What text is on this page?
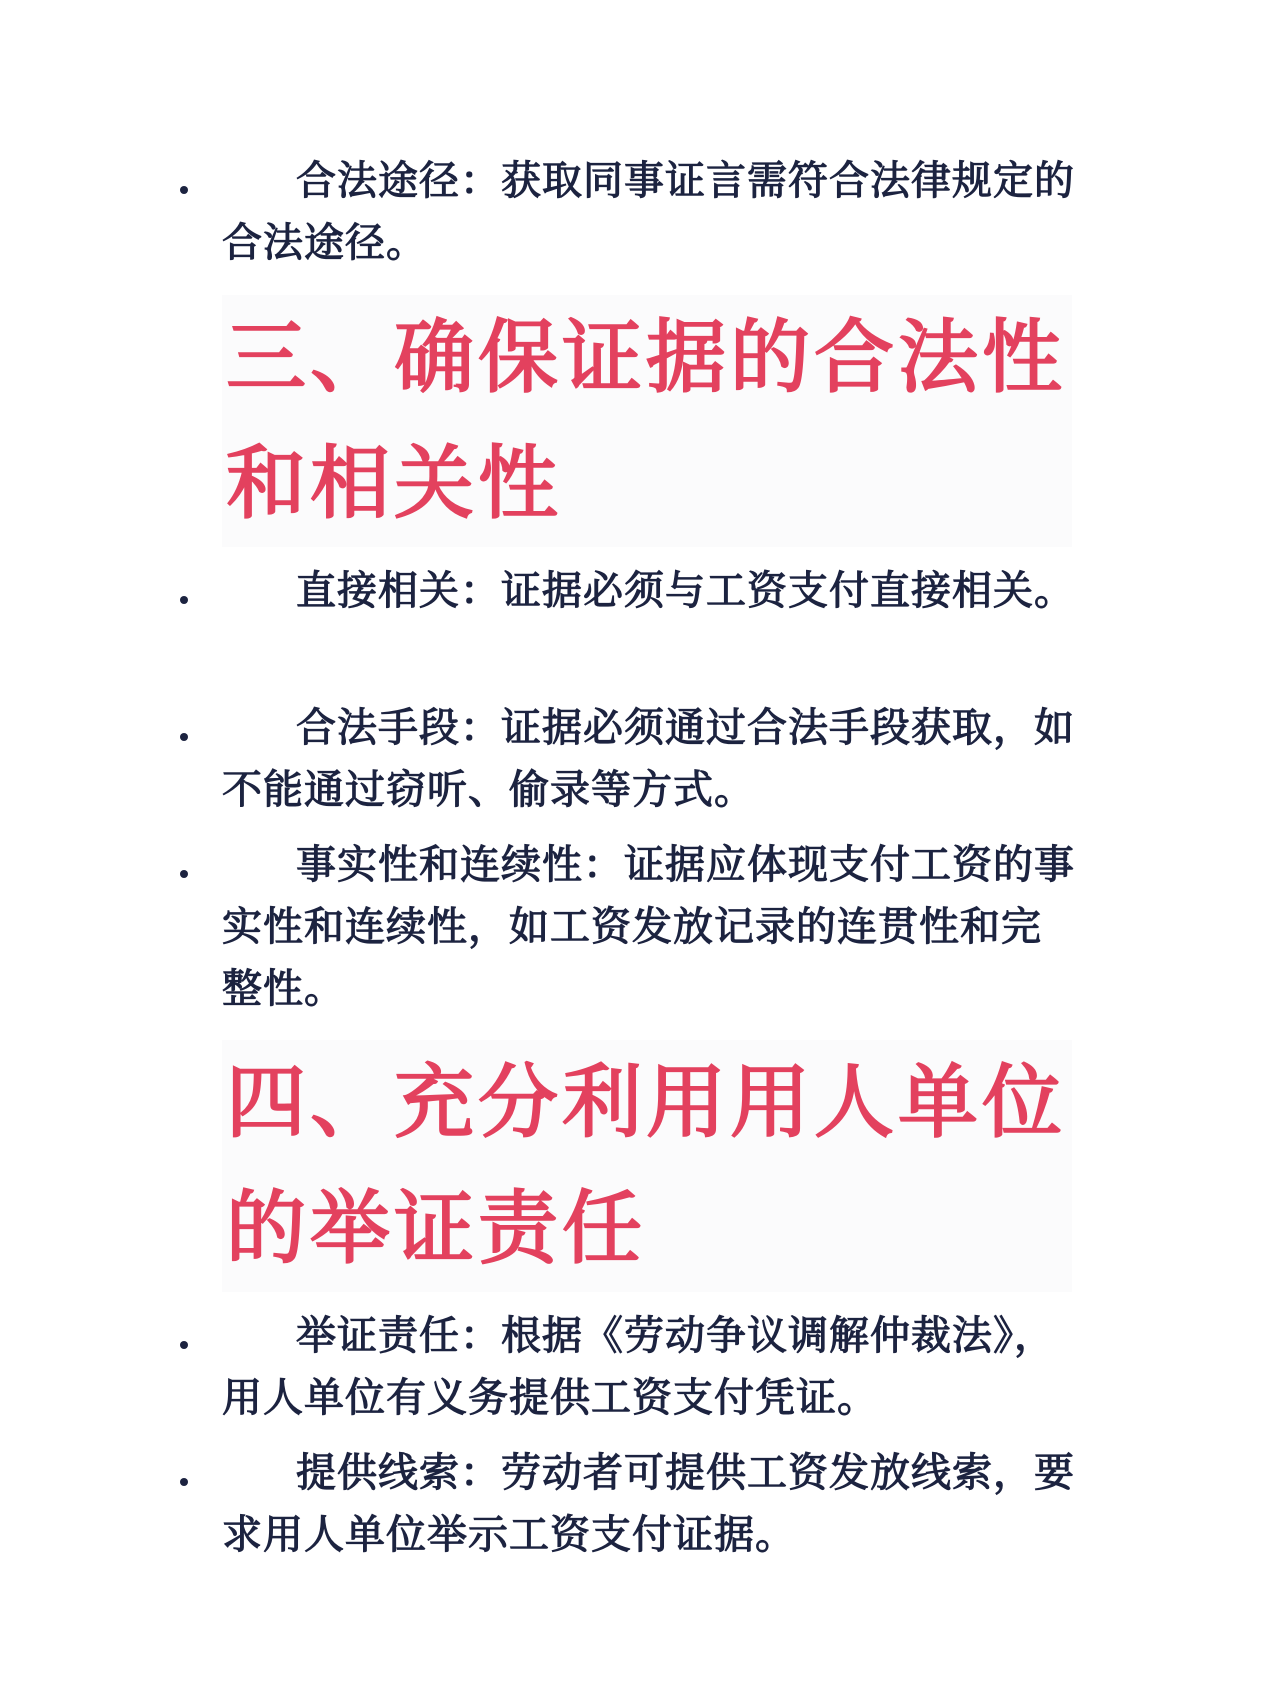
合法途径：获取同事证言需符合法律规定的合法途径。

三、确保证据的合法性和相关性

直接相关：证据必须与工资支付直接相关。

合法手段：证据必须通过合法手段获取，如不能通过窃听、偷录等方式。

事实性和连续性：证据应体现支付工资的事实性和连续性，如工资发放记录的连贯性和完整性。

四、充分利用用人单位的举证责任

举证责任：根据《劳动争议调解仲裁法》，用人单位有义务提供工资支付凭证。

提供线索：劳动者可提供工资发放线索，要求用人单位举示工资支付证据。
